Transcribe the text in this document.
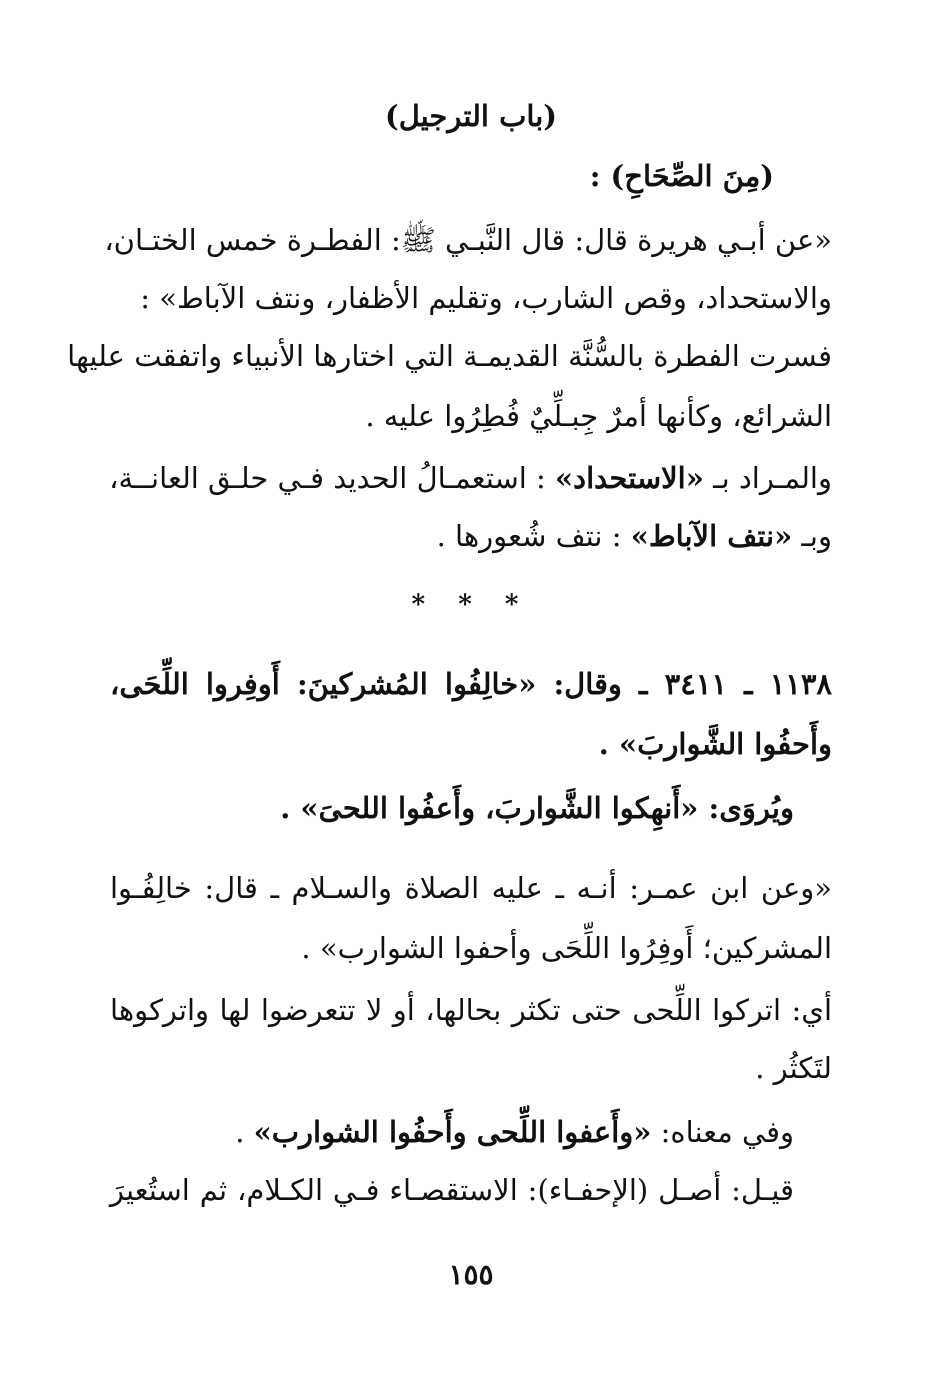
(باب الترجيل)
(مِنَ الصِّحَاحِ) :
«عن أبـي هريرة قال: قال النَّبـي ﷺ: الفطـرة خمس الختـان،
والاستحداد، وقص الشارب، وتقليم الأظفار، ونتف الآباط» :
فسرت الفطرة بالسُّنَّة القديمـة التي اختارها الأنبياء واتفقت عليها
الشرائع، وكأنها أمرٌ جِبـلِّيٌ فُطِرُوا عليه .
والمـراد بـ «الاستحداد» : استعمـالُ الحديد فـي حلـق العانــة،
وبـ «نتف الآباط» : نتف شُعورها .
* * *
١١٣٨ ـ ٣٤١١ ـ وقال: «خالِفُوا المُشركينَ: أَوفِروا اللِّحَى،
وأَحفُوا الشَّواربَ» .
ويُروَى: «أَنهِكوا الشَّواربَ، وأَعفُوا اللحىَ» .
«وعن ابن عمـر: أنـه ـ عليه الصلاة والسـلام ـ قال: خالِفُـوا
المشركين؛ أَوفِرُوا اللِّحَى وأحفوا الشوارب» .
أي: اتركوا اللِّحى حتى تكثر بحالها، أو لا تتعرضوا لها واتركوها
لتَكثُر .
وفي معناه: «وأَعفوا اللِّحى وأَحفُوا الشوارب» .
قيـل: أصـل (الإحفـاء): الاستقصـاء فـي الكـلام، ثم استُعيرَ
١٥٥
